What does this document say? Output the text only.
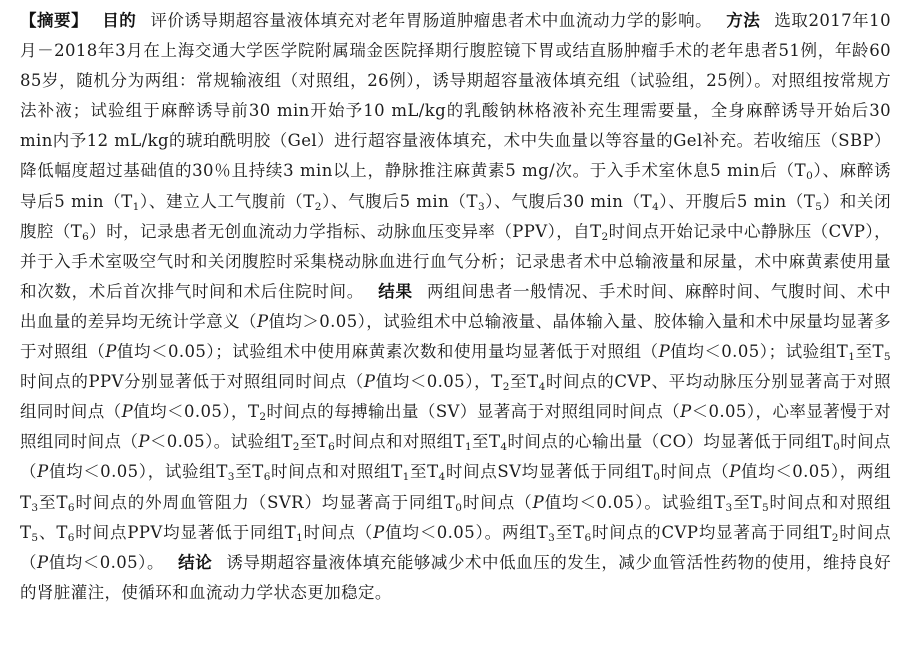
【摘要】 目的 评价诱导期超容量液体填充对老年胃肠道肿瘤患者术中血流动力学的影响。 方法 选取2017年10月－2018年3月在上海交通大学医学院附属瑞金医院择期行腹腔镜下胃或结直肠肿瘤手术的老年患者51例，年龄60　85岁，随机分为两组：常规输液组（对照组，26例），诱导期超容量液体填充组（试验组，25例）。对照组按常规方法补液；试验组于麻醉诱导前30 min开始予10 mL/kg的乳酸钠林格液补充生理需要量，全身麻醉诱导开始后30 min内予12 mL/kg的琥珀酰明胶（Gel）进行超容量液体填充，术中失血量以等容量的Gel补充。若收缩压（SBP）降低幅度超过基础值的30％且持续3 min以上，静脉推注麻黄素5 mg/次。于入手术室休息5 min后$(T_0)$、麻醉诱导后5 $\min(T_1)$、建立人工气腹前$(T_2)$、气腹后5 $\min(T_3)$、气腹后30 $\min(T_4)$、开腹后5 $\min(T_5)$和关闭腹腔$(T_6)$时，记录患者无创血流动力学指标、动脉血压变异率（PPV），自$T_2$时间点开始记录中心静脉压（CVP），并于入手术室吸空气时和关闭腹腔时采集桡动脉血进行血气分析；记录患者术中总输液量和尿量，术中麻黄素使用量和次数，术后首次排气时间和术后住院时间。 结果 两组间患者一般情况、手术时间、麻醉时间、气腹时间、术中出血量的差异均无统计学意义（P值均＞0.05），试验组术中总输液量、晶体输入量、胶体输入量和术中尿量均显著多于对照组（P值均＜0.05）；试验组术中使用麻黄素次数和使用量均显著低于对照组（P值均＜0.05）；试验组$T_1$至$T_5$时间点的PPV分别显著低于对照组同时间点（P值均＜0.05），$T_2$至$T_4$时间点的CVP、平均动脉压分别显著高于对照组同时间点（P值均＜0.05），$T_2$时间点的每搏输出量（SV）显著高于对照组同时间点（P＜0.05），心率显著慢于对照组同时间点（P＜0.05）。试验组$T_2$至$T_6$时间点和对照组$T_1$至$T_4$时间点的心输出量（CO）均显著低于同组$T_0$时间点（P值均＜0.05），试验组$T_3$至$T_6$时间点和对照组$T_1$至$T_4$时间点SV均显著低于同组$T_0$时间点（P值均＜0.05），两组$T_3$至$T_6$时间点的外周血管阻力（SVR）均显著高于同组$T_0$时间点（P值均＜0.05）。试验组$T_3$至$T_5$时间点和对照组$T_5$、$T_6$时间点PPV均显著低于同组$T_1$时间点（P值均＜0.05）。两组$T_3$至$T_6$时间点的CVP均显著高于同组$T_2$时间点（P值均＜0.05）。 结论 诱导期超容量液体填充能够减少术中低血压的发生，减少血管活性药物的使用，维持良好的肾脏灌注，使循环和血流动力学状态更加稳定。
